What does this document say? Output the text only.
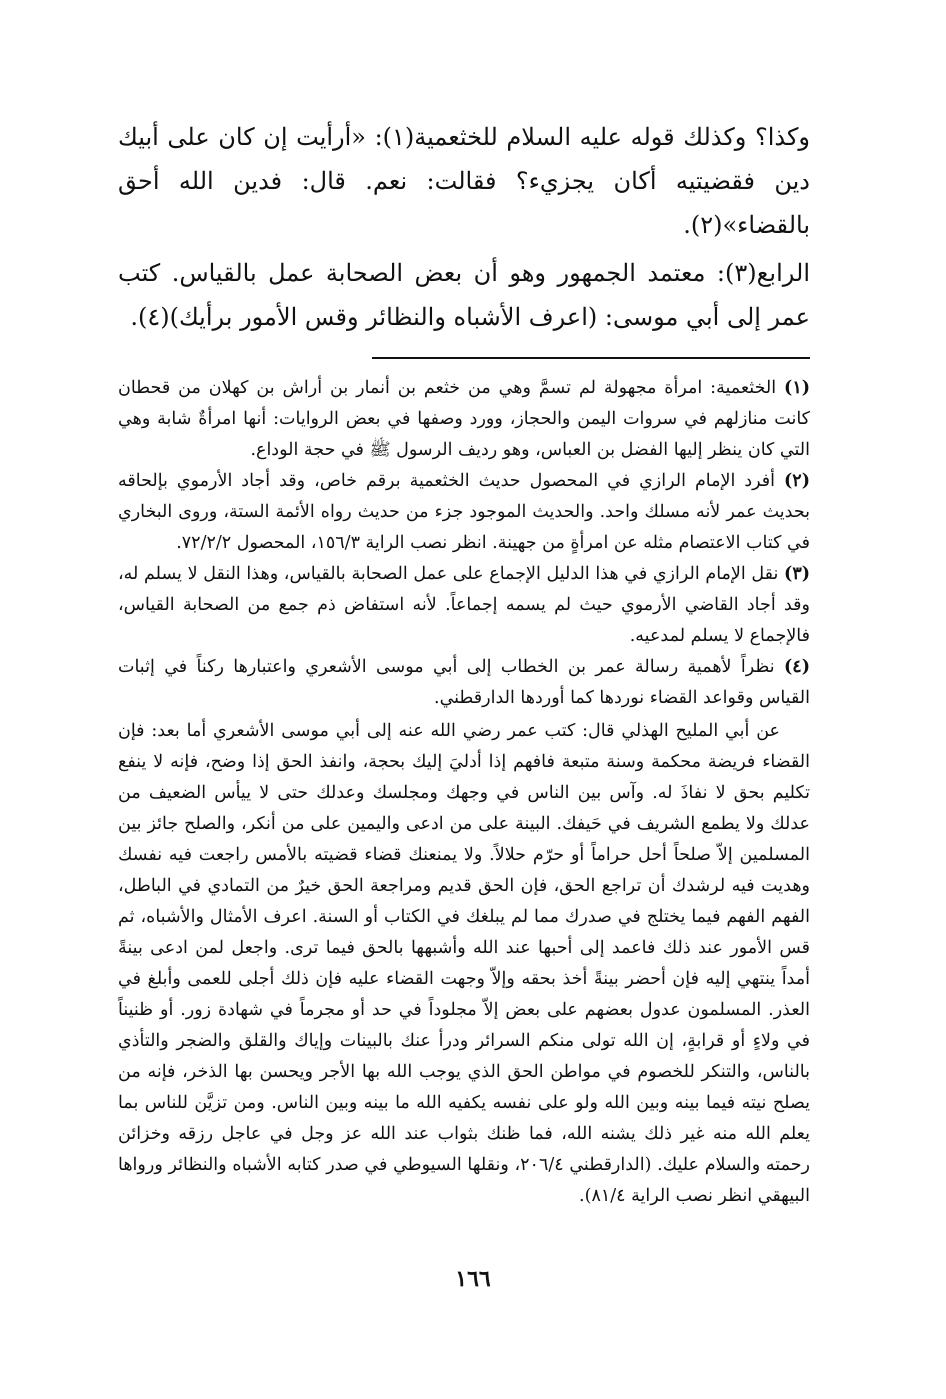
وكذا؟ وكذلك قوله عليه السلام للخثعمية(١): «أرأيت إن كان على أبيك دين فقضيتيه أكان يجزيء؟ فقالت: نعم. قال: فدين الله أحق بالقضاء»(٢).

الرابع(٣): معتمد الجمهور وهو أن بعض الصحابة عمل بالقياس. كتب عمر إلى أبي موسى: (اعرف الأشباه والنظائر وقس الأمور برأيك)(٤).

(١) الخثعمية: امرأة مجهولة لم تسمَّ وهي من خثعم بن أنمار بن أراش بن كهلان من قحطان كانت منازلهم في سروات اليمن والحجاز، وورد وصفها في بعض الروايات: أنها امرأةٌ شابة وهي التي كان ينظر إليها الفضل بن العباس، وهو رديف الرسول ﷺ في حجة الوداع.

(٢) أفرد الإمام الرازي في المحصول حديث الخثعمية برقم خاص، وقد أجاد الأرموي بإلحاقه بحديث عمر لأنه مسلك واحد. والحديث الموجود جزء من حديث رواه الأئمة الستة، وروى البخاري في كتاب الاعتصام مثله عن امرأةٍ من جهينة. انظر نصب الراية ١٥٦/٣، المحصول ٧٢/٢/٢.

(٣) نقل الإمام الرازي في هذا الدليل الإجماع على عمل الصحابة بالقياس، وهذا النقل لا يسلم له، وقد أجاد القاضي الأرموي حيث لم يسمه إجماعاً. لأنه استفاض ذم جمع من الصحابة القياس، فالإجماع لا يسلم لمدعيه.

(٤) نظراً لأهمية رسالة عمر بن الخطاب إلى أبي موسى الأشعري واعتبارها ركناً في إثبات القياس وقواعد القضاء نوردها كما أوردها الدارقطني.

عن أبي المليح الهذلي قال: كتب عمر رضي الله عنه إلى أبي موسى الأشعري أما بعد: فإن القضاء فريضة محكمة وسنة متبعة فافهم إذا أدليَ إليك بحجة، وانفذ الحق إذا وضح، فإنه لا ينفع تكليم بحق لا نفاذَ له. وآس بين الناس في وجهك ومجلسك وعدلك حتى لا ييأس الضعيف من عدلك ولا يطمع الشريف في حَيفك. البينة على من ادعى واليمين على من أنكر، والصلح جائز بين المسلمين إلاّ صلحاً أحل حراماً أو حرّم حلالاً. ولا يمنعنك قضاء قضيته بالأمس راجعت فيه نفسك وهديت فيه لرشدك أن تراجع الحق، فإن الحق قديم ومراجعة الحق خيرٌ من التمادي في الباطل، الفهم الفهم فيما يختلج في صدرك مما لم يبلغك في الكتاب أو السنة. اعرف الأمثال والأشباه، ثم قس الأمور عند ذلك فاعمد إلى أحبها عند الله وأشبهها بالحق فيما ترى. واجعل لمن ادعى بينةً أمداً ينتهي إليه فإن أحضر بينةً أخذ بحقه وإلاّ وجهت القضاء عليه فإن ذلك أجلى للعمى وأبلغ في العذر. المسلمون عدول بعضهم على بعض إلاّ مجلوداً في حد أو مجرماً في شهادة زور. أو ظنيناً في ولاءٍ أو قرابةٍ، إن الله تولى منكم السرائر ودرأ عنك بالبينات وإياك والقلق والضجر والتأذي بالناس، والتنكر للخصوم في مواطن الحق الذي يوجب الله بها الأجر ويحسن بها الذخر، فإنه من يصلح نيته فيما بينه وبين الله ولو على نفسه يكفيه الله ما بينه وبين الناس. ومن تزيَّن للناس بما يعلم الله منه غير ذلك يشنه الله، فما ظنك بثواب عند الله عز وجل في عاجل رزقه وخزائن رحمته والسلام عليك. (الدارقطني ٢٠٦/٤، ونقلها السيوطي في صدر كتابه الأشباه والنظائر ورواها البيهقي انظر نصب الراية ٨١/٤).

١٦٦
